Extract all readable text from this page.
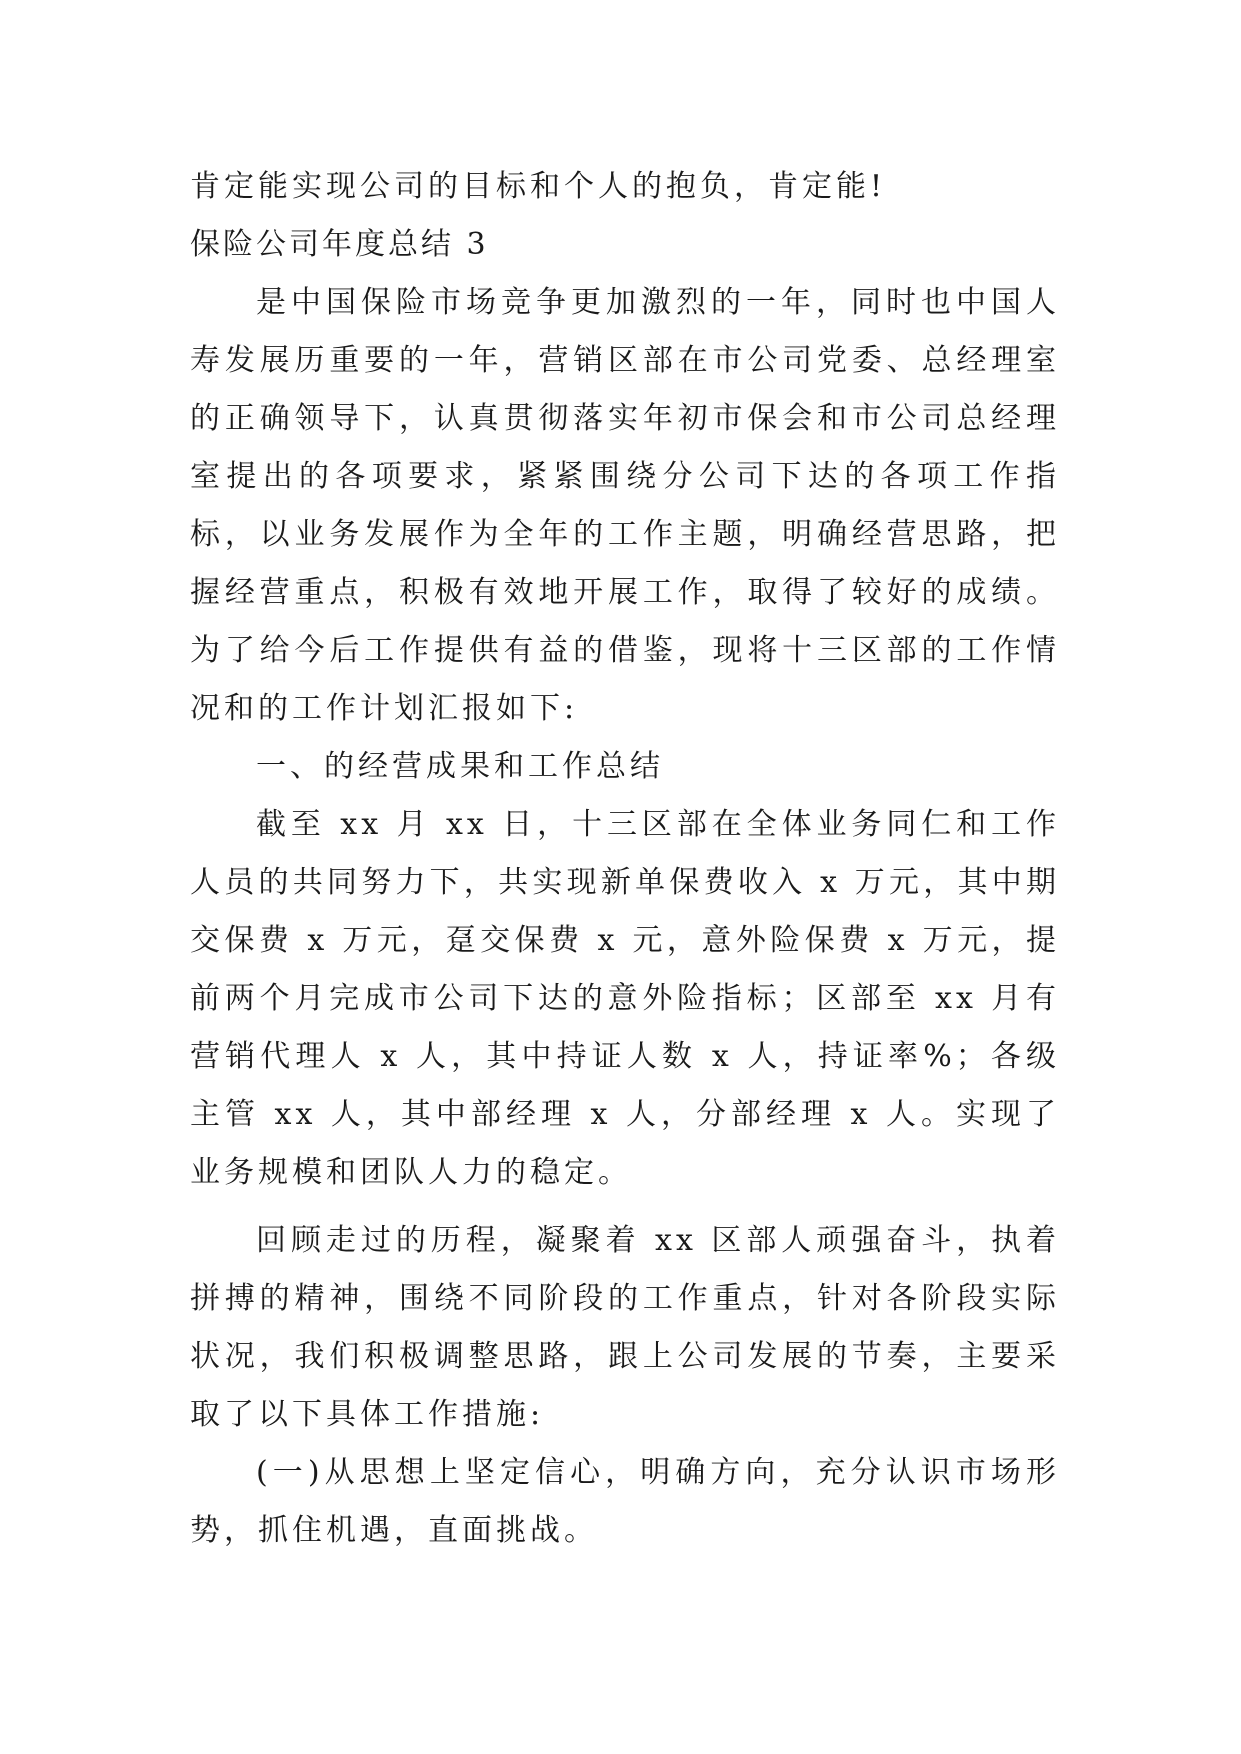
肯定能实现公司的目标和个人的抱负，肯定能!

保险公司年度总结 3

是中国保险市场竞争更加激烈的一年，同时也中国人寿发展历重要的一年，营销区部在市公司党委、总经理室的正确领导下，认真贯彻落实年初市保会和市公司总经理室提出的各项要求，紧紧围绕分公司下达的各项工作指标，以业务发展作为全年的工作主题，明确经营思路，把握经营重点，积极有效地开展工作，取得了较好的成绩。为了给今后工作提供有益的借鉴，现将十三区部的工作情况和的工作计划汇报如下:

一、的经营成果和工作总结

截至 xx 月 xx 日，十三区部在全体业务同仁和工作人员的共同努力下，共实现新单保费收入 x 万元，其中期交保费 x 万元，趸交保费 x 元，意外险保费 x 万元，提前两个月完成市公司下达的意外险指标；区部至 xx 月有营销代理人 x 人，其中持证人数 x 人，持证率%；各级主管 xx 人，其中部经理 x 人，分部经理 x 人。实现了业务规模和团队人力的稳定。

回顾走过的历程，凝聚着 xx 区部人顽强奋斗，执着拼搏的精神，围绕不同阶段的工作重点，针对各阶段实际状况，我们积极调整思路，跟上公司发展的节奏，主要采取了以下具体工作措施:

(一)从思想上坚定信心，明确方向，充分认识市场形势，抓住机遇，直面挑战。
